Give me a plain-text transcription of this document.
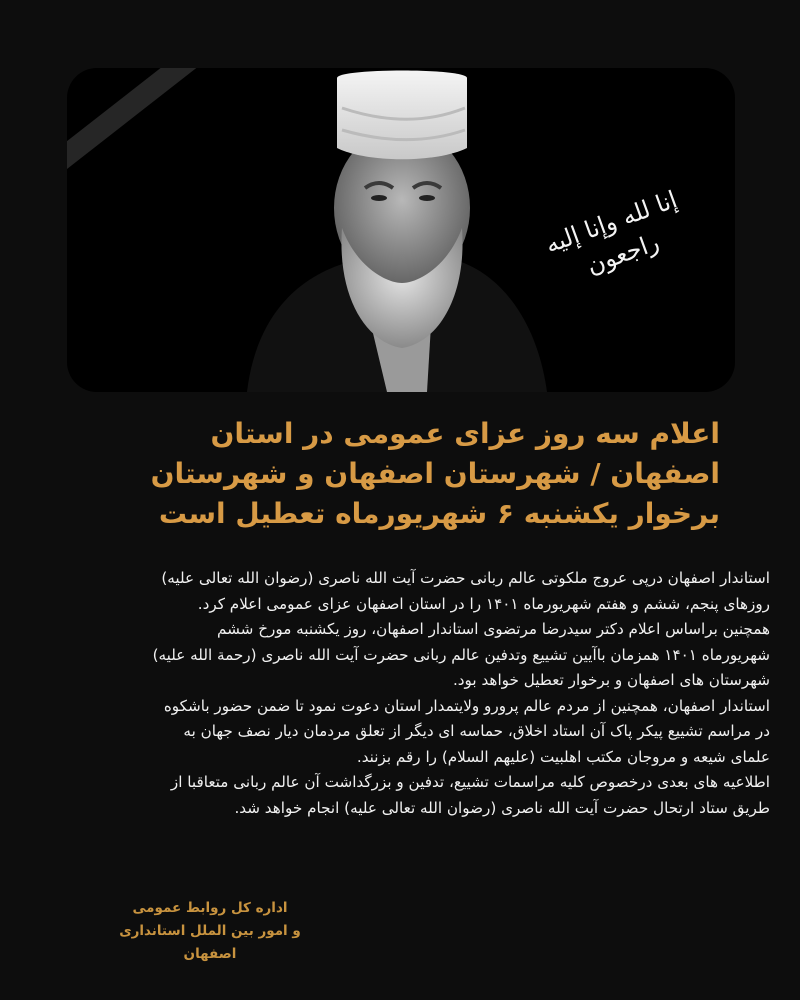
إنا لله وإنا إليه راجعون
اعلام سه روز عزای عمومی در استان
اصفهان / شهرستان اصفهان و شهرستان
برخوار یکشنبه ۶ شهریورماه تعطیل است
استاندار اصفهان درپی عروج ملکوتی عالم ربانی حضرت آیت الله ناصری (رضوان الله تعالی علیه)
روزهای پنجم، ششم و هفتم شهریورماه ۱۴۰۱ را در استان اصفهان عزای عمومی اعلام کرد.
همچنین براساس اعلام دکتر سیدرضا مرتضوی استاندار اصفهان، روز یکشنبه مورخ ششم
شهریورماه ۱۴۰۱ همزمان باآیین تشییع وتدفین عالم ربانی حضرت آیت الله ناصری (رحمة الله علیه)
شهرستان های اصفهان و برخوار تعطیل خواهد بود.
استاندار اصفهان، همچنین از مردم عالم پرورو ولایتمدار استان دعوت نمود تا ضمن حضور باشکوه
در مراسم تشییع پیکر پاک آن استاد اخلاق، حماسه ای دیگر از تعلق مردمان دیار نصف جهان به
علمای شیعه و مروجان مکتب اهلبیت (علیهم السلام) را رقم بزنند.
اطلاعیه های بعدی درخصوص کلیه مراسمات تشییع، تدفین و بزرگداشت آن عالم ربانی متعاقبا از
طریق ستاد ارتحال حضرت آیت الله ناصری (رضوان الله تعالی علیه) انجام خواهد شد.
اداره کل روابط عمومی
و امور بین الملل استانداری اصفهان
